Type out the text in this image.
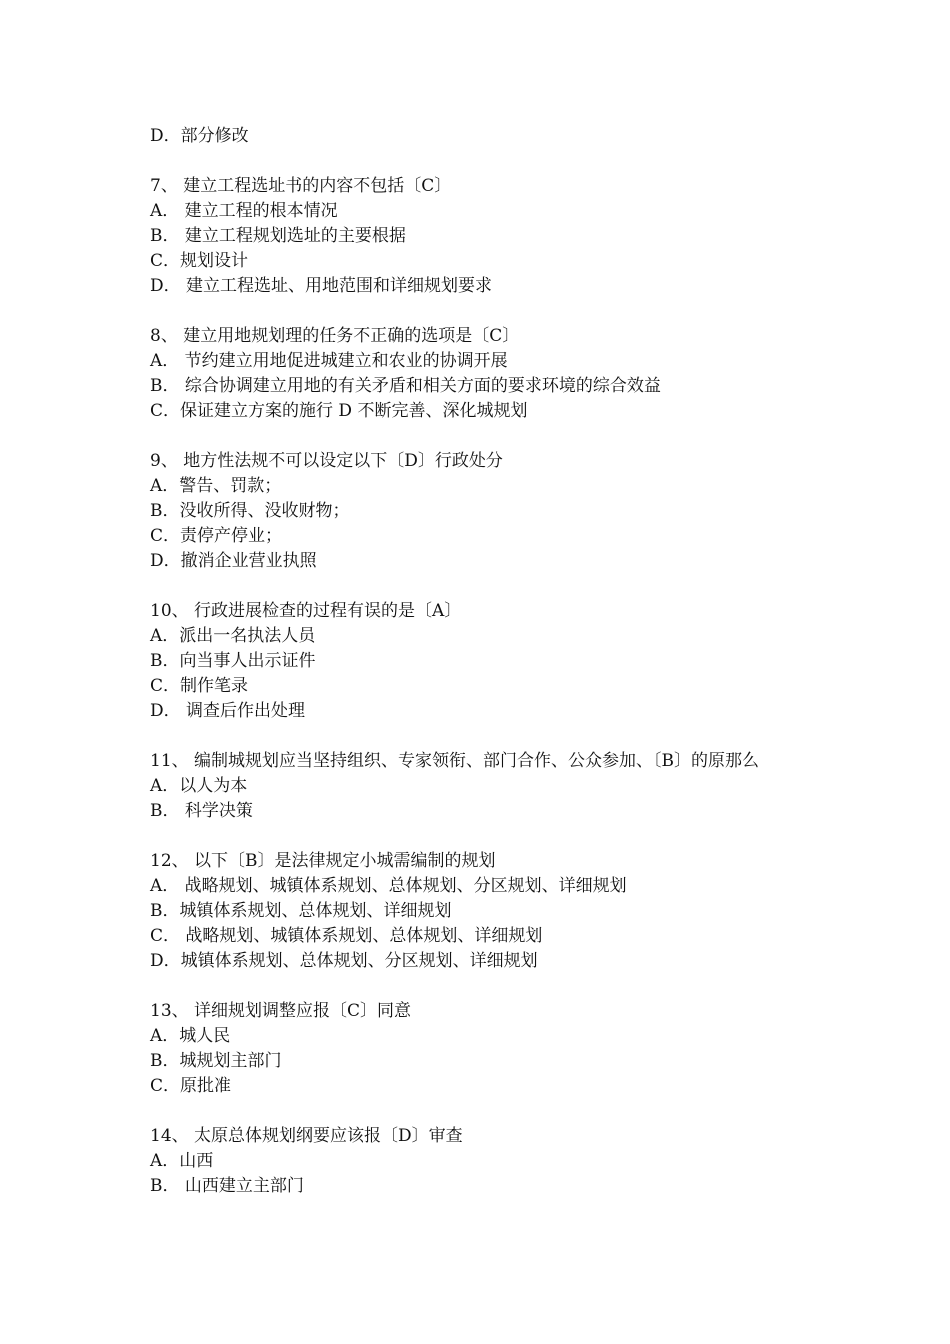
D．部分修改
7、 建立工程选址书的内容不包括〔C〕
A． 建立工程的根本情况
B． 建立工程规划选址的主要根据
C．规划设计
D． 建立工程选址、用地范围和详细规划要求
8、 建立用地规划理的任务不正确的选项是〔C〕
A． 节约建立用地促进城建立和农业的协调开展
B． 综合协调建立用地的有关矛盾和相关方面的要求环境的综合效益
C．保证建立方案的施行 D 不断完善、深化城规划
9、 地方性法规不可以设定以下〔D〕行政处分
A．警告、罚款；
B．没收所得、没收财物；
C．责停产停业；
D．撤消企业营业执照
10、 行政进展检查的过程有误的是〔A〕
A．派出一名执法人员
B．向当事人出示证件
C．制作笔录
D． 调查后作出处理
11、 编制城规划应当坚持组织、专家领衔、部门合作、公众参加、〔B〕的原那么
A．以人为本
B． 科学决策
12、 以下〔B〕是法律规定小城需编制的规划
A． 战略规划、城镇体系规划、总体规划、分区规划、详细规划
B．城镇体系规划、总体规划、详细规划
C． 战略规划、城镇体系规划、总体规划、详细规划
D．城镇体系规划、总体规划、分区规划、详细规划
13、 详细规划调整应报〔C〕同意
A．城人民
B．城规划主部门
C．原批准
14、 太原总体规划纲要应该报〔D〕审查
A．山西
B． 山西建立主部门
